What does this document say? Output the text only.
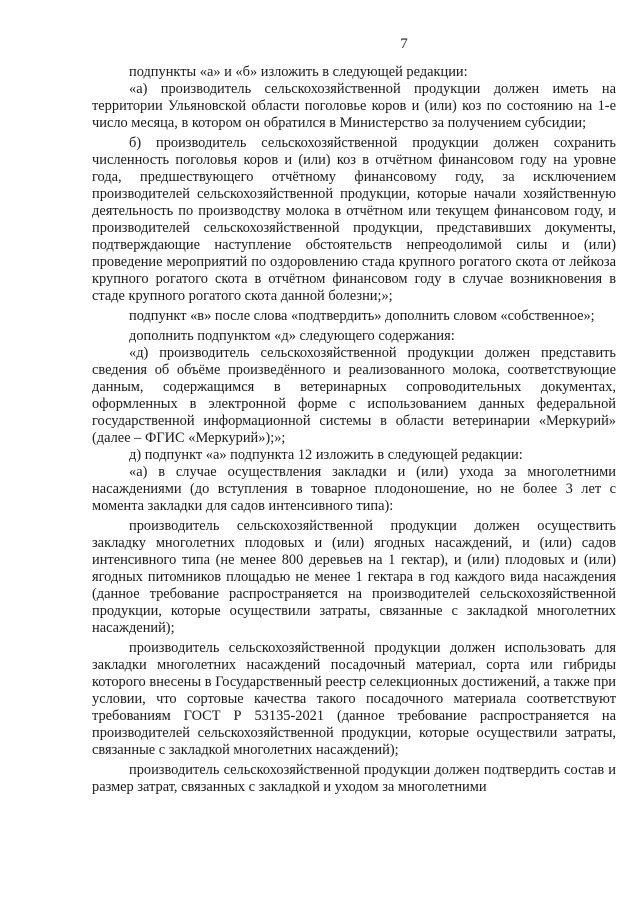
7

подпункты «а» и «б» изложить в следующей редакции:

«а) производитель сельскохозяйственной продукции должен иметь на территории Ульяновской области поголовье коров и (или) коз по состоянию на 1-е число месяца, в котором он обратился в Министерство за получением субсидии;

б) производитель сельскохозяйственной продукции должен сохранить численность поголовья коров и (или) коз в отчётном финансовом году на уровне года, предшествующего отчётному финансовому году, за исключением производителей сельскохозяйственной продукции, которые начали хозяйственную деятельность по производству молока в отчётном или текущем финансовом году, и производителей сельскохозяйственной продукции, представивших документы, подтверждающие наступление обстоятельств непреодолимой силы и (или) проведение мероприятий по оздоровлению стада крупного рогатого скота от лейкоза крупного рогатого скота в отчётном финансовом году в случае возникновения в стаде крупного рогатого скота данной болезни;»;

подпункт «в» после слова «подтвердить» дополнить словом «собственное»;

дополнить подпунктом «д» следующего содержания:

«д) производитель сельскохозяйственной продукции должен представить сведения об объёме произведённого и реализованного молока, соответствующие данным, содержащимся в ветеринарных сопроводительных документах, оформленных в электронной форме с использованием данных федеральной государственной информационной системы в области ветеринарии «Меркурий» (далее – ФГИС «Меркурий»);»;

д) подпункт «а» подпункта 12 изложить в следующей редакции:

«а) в случае осуществления закладки и (или) ухода за многолетними насаждениями (до вступления в товарное плодоношение, но не более 3 лет с момента закладки для садов интенсивного типа):

производитель сельскохозяйственной продукции должен осуществить закладку многолетних плодовых и (или) ягодных насаждений, и (или) садов интенсивного типа (не менее 800 деревьев на 1 гектар), и (или) плодовых и (или) ягодных питомников площадью не менее 1 гектара в год каждого вида насаждения (данное требование распространяется на производителей сельскохозяйственной продукции, которые осуществили затраты, связанные с закладкой многолетних насаждений);

производитель сельскохозяйственной продукции должен использовать для закладки многолетних насаждений посадочный материал, сорта или гибриды которого внесены в Государственный реестр селекционных достижений, а также при условии, что сортовые качества такого посадочного материала соответствуют требованиям ГОСТ Р 53135-2021 (данное требование распространяется на производителей сельскохозяйственной продукции, которые осуществили затраты, связанные с закладкой многолетних насаждений);

производитель сельскохозяйственной продукции должен подтвердить состав и размер затрат, связанных с закладкой и уходом за многолетними
